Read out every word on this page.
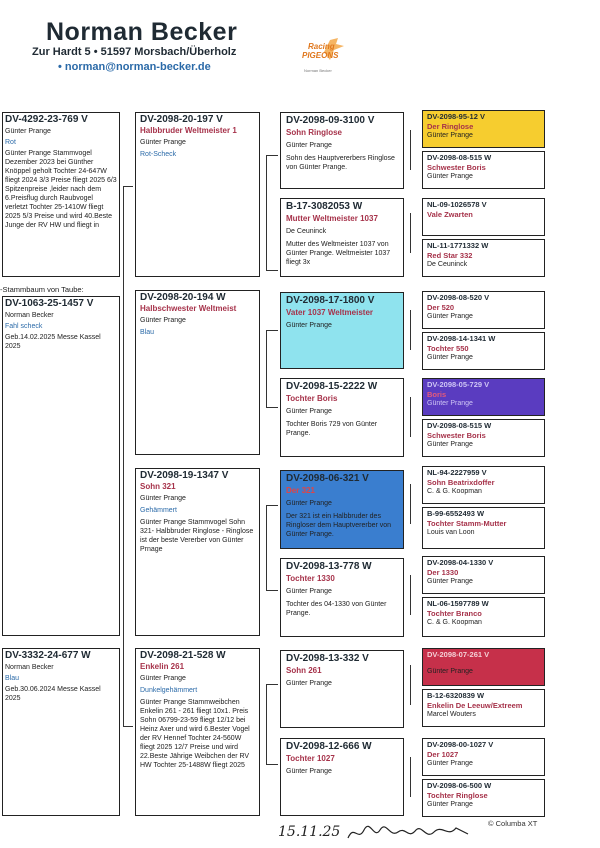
Norman Becker
Zur Hardt 5 • 51597 Morsbach/Überholz
• norman@norman-becker.de
Racing
PIGEONS
Norman Becker
DV-4292-23-769 V
Günter Prange
Rot
Günter Prange Stammvogel Dezember 2023 bei Günther Knöppel geholt Tochter 24-647W fliegt 2024 3/3 Preise fliegt 2025 6/3 Spitzenpreise ,leider nach dem 6.Preisflug durch Raubvogel verletzt Tochter 25-1410W fliegt 2025 5/3 Preise und wird 40.Beste Junge der RV HW und fliegt in
-Stammbaum von Taube:
DV-1063-25-1457 V
Norman Becker
Fahl scheck
Geb.14.02.2025 Messe Kassel 2025
DV-3332-24-677 W
Norman Becker
Blau
Geb.30.06.2024 Messe Kassel 2025
DV-2098-20-197 V
Halbbruder Weltmeister 1
Günter Prange
Rot-Scheck
DV-2098-20-194 W
Halbschwester Weltmeist
Günter Prange
Blau
DV-2098-19-1347 V
Sohn 321
Günter Prange
Gehämmert
Günter Prange Stammvogel Sohn 321- Halbbruder Ringlose - Ringlose ist der beste Vererber von Günter Prnage
DV-2098-21-528 W
Enkelin 261
Günter Prange
Dunkelgehämmert
Günter Prange Stammweibchen Enkelin 261 - 261 fliegt 10x1. Preis Sohn 06799-23-59 fliegt 12/12 bei Heinz Axer und wird 6.Bester Vogel der RV Hennef Tochter 24-560W fliegt 2025 12/7 Preise und wird 22.Beste Jährige Weibchen der RV HW Tochter 25-1488W fliegt 2025
DV-2098-09-3100 V
Sohn Ringlose
Günter Prange
Sohn des Hauptvererbers Ringlose von Günter Prange.
B-17-3082053 W
Mutter Weltmeister 1037
De Ceuninck
Mutter des Weltmeister 1037 von Günter Prange. Weltmeister 1037 fliegt 3x
DV-2098-17-1800 V
Vater 1037 Weltmeister
Günter Prange
DV-2098-15-2222 W
Tochter Boris
Günter Prange
Tochter Boris 729 von Günter Prange.
DV-2098-06-321 V
Der 321
Günter Prange
Der 321 ist ein Halbbruder des Ringloser dem Hauptvererber von Günter Prange.
DV-2098-13-778 W
Tochter 1330
Günter Prange
Tochter des 04-1330 von Günter Prange.
DV-2098-13-332 V
Sohn 261
Günter Prange
DV-2098-12-666 W
Tochter 1027
Günter Prange
DV-2098-95-12 V
Der Ringlose
Günter Prange
DV-2098-08-515 W
Schwester Boris
Günter Prange
NL-09-1026578 V
Vale Zwarten
NL-11-1771332 W
Red Star 332
De Ceuninck
DV-2098-08-520 V
Der 520
Günter Prange
DV-2098-14-1341 W
Tochter 550
Günter Prange
DV-2098-05-729 V
Boris
Günter Prange
DV-2098-08-515 W
Schwester Boris
Günter Prange
NL-94-2227959 V
Sohn Beatrixdoffer
C. & G. Koopman
B-99-6552493 W
Tochter Stamm-Mutter
Louis van Loon
DV-2098-04-1330 V
Der 1330
Günter Prange
NL-06-1597789 W
Tochter Branco
C. & G. Koopman
DV-2098-07-261 V
Günter Prange
B-12-6320839 W
Enkelin De Leeuw/Extreem
Marcel Wouters
DV-2098-00-1027 V
Der 1027
Günter Prange
DV-2098-06-500 W
Tochter Ringlose
Günter Prange
15.11.25
© Columba XT
